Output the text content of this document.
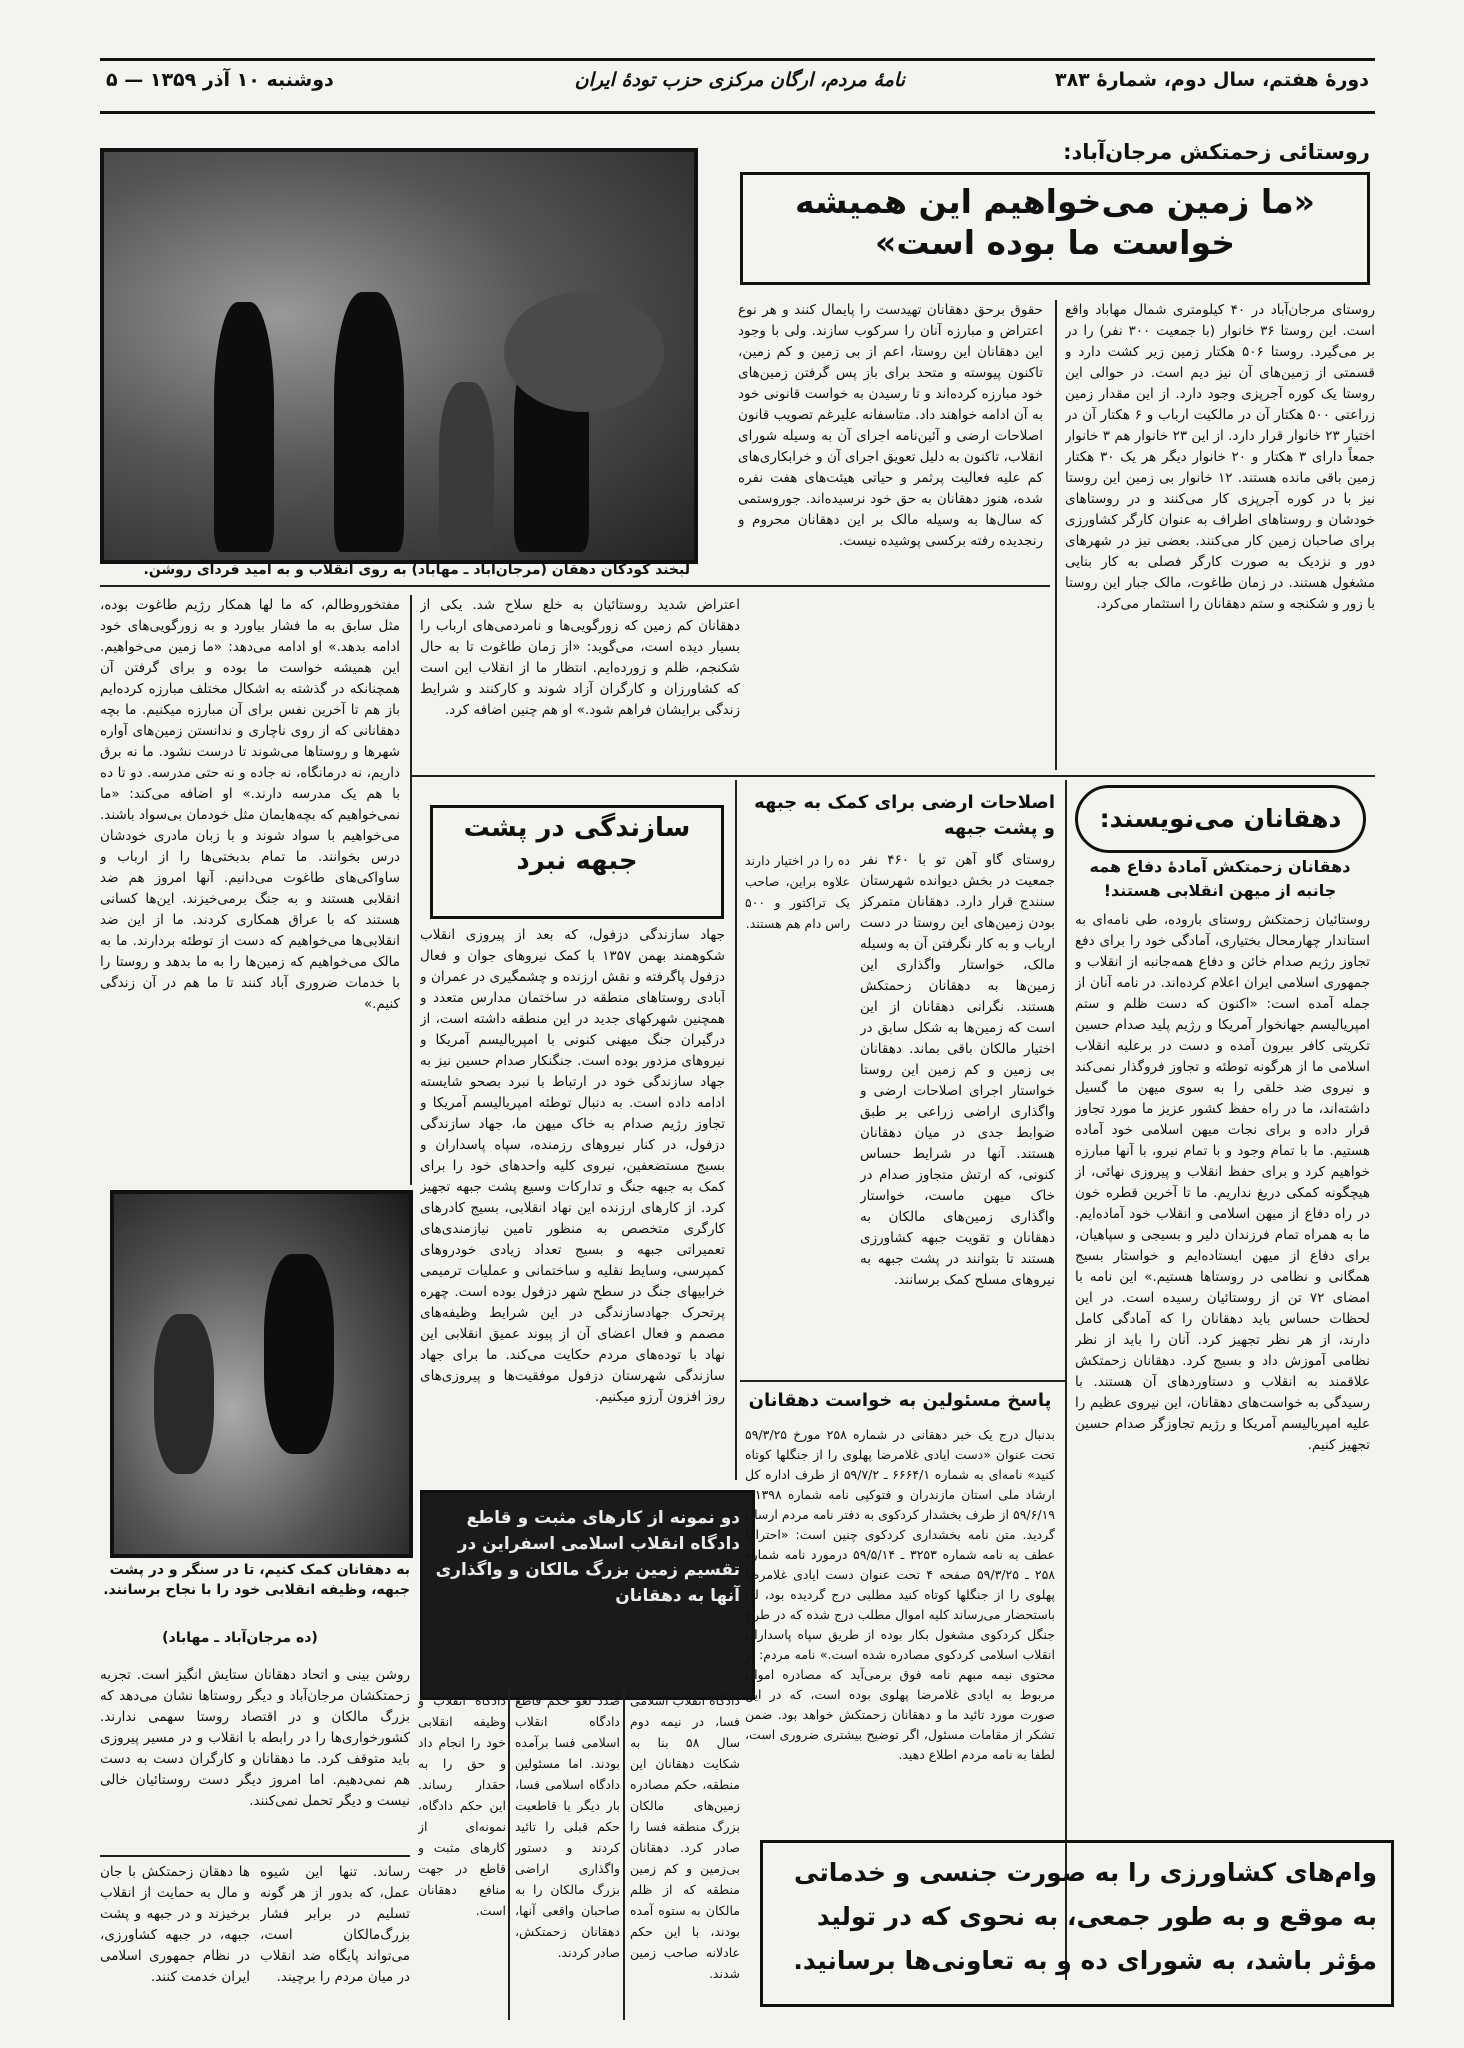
دورۀ هفتم، سال دوم، شمارۀ ۳۸۳
نامۀ مردم، ارگان مرکزی حزب تودۀ ایران
دوشنبه ۱۰ آذر ۱۳۵۹ — ۵
لبخند کودکان دهقان (مرجان‌آباد ـ مهاباد) به روی انقلاب و به امید فردای روشن.
روستائی زحمتکش مرجان‌آباد:
«ما زمین می‌خواهیم این همیشه خواست ما بوده است»
روستای مرجان‌آباد در ۴۰ کیلومتری شمال مهاباد واقع است. این روستا ۳۶ خانوار (با جمعیت ۳۰۰ نفر) را در بر می‌گیرد. روستا ۵۰۶ هکتار زمین زیر کشت دارد و قسمتی از زمین‌های آن نیز دیم است. در حوالی این روستا یک کوره آجرپزی وجود دارد. از این مقدار زمین زراعتی ۵۰۰ هکتار آن در مالکیت ارباب و ۶ هکتار آن در اختیار ۲۳ خانوار قرار دارد. از این ۲۳ خانوار هم ۳ خانوار جمعاً دارای ۳ هکتار و ۲۰ خانوار دیگر هر یک ۳۰ هکتار زمین باقی مانده هستند. ۱۲ خانوار بی زمین این روستا نیز با در کوره آجرپزی کار می‌کنند و در روستاهای خودشان و روستاهای اطراف به عنوان کارگر کشاورزی برای صاحبان زمین کار می‌کنند. بعضی نیز در شهرهای دور و نزدیک به صورت کارگر فصلی به کار بنایی مشغول هستند. در زمان طاغوت، مالک جبار این روستا با زور و شکنجه و ستم دهقانان را استثمار می‌کرد.
حقوق برحق دهقانان تهیدست را پایمال کنند و هر نوع اعتراض و مبارزه آنان را سرکوب سازند. ولی با وجود این دهقانان این روستا، اعم از بی زمین و کم زمین، تاکنون پیوسته و متحد برای باز پس گرفتن زمین‌های خود مبارزه کرده‌اند و تا رسیدن به خواست قانونی خود به آن ادامه خواهند داد. متاسفانه علیرغم تصویب قانون اصلاحات ارضی و آئین‌نامه اجرای آن به وسیله شورای انقلاب، تاکنون به دلیل تعویق اجرای آن و خرابکاری‌های کم علیه فعالیت پرثمر و حیاتی هیئت‌های هفت نفره شده، هنوز دهقانان به حق خود نرسیده‌اند. جوروستمی که سال‌ها به وسیله مالک بر این دهقانان محروم و رنجدیده رفته برکسی پوشیده نیست.
اعتراض شدید روستائیان به خلع سلاح شد. یکی از دهقانان کم زمین که زورگویی‌ها و نامردمی‌های ارباب را بسیار دیده است، می‌گوید: «از زمان طاغوت تا به حال شکنجم، ظلم و زورده‌ایم. انتظار ما از انقلاب این است که کشاورزان و کارگران آزاد شوند و کارکنند و شرایط زندگی برایشان فراهم شود.» او هم چنین اضافه کرد.
مفتخوروطالم، که ما لها همکار رژیم طاغوت بوده، مثل سابق به ما فشار بیاورد و به زورگویی‌های خود ادامه بدهد.» او ادامه می‌دهد: «ما زمین می‌خواهیم. این همیشه خواست ما بوده و برای گرفتن آن همچنانکه در گذشته به اشکال مختلف مبارزه کرده‌ایم باز هم تا آخرین نفس برای آن مبارزه میکنیم. ما بچه دهقانانی که از روی ناچاری و ندانستن زمین‌های آواره شهرها و روستاها می‌شوند تا درست نشود. ما نه برق داریم، نه درمانگاه، نه جاده و نه حتی مدرسه. دو تا ده با هم یک مدرسه دارند.» او اضافه می‌کند: «ما نمی‌خواهیم که بچه‌هایمان مثل خودمان بی‌سواد باشند. می‌خواهیم با سواد شوند و با زبان مادری خودشان درس بخوانند. ما تمام بدبختی‌ها را از ارباب و ساواکی‌های طاغوت می‌دانیم. آنها امروز هم ضد انقلابی هستند و به جنگ برمی‌خیزند. این‌ها کسانی هستند که با عراق همکاری کردند. ما از این ضد انقلابی‌ها می‌خواهیم که دست از توطئه بردارند. ما به مالک می‌خواهیم که زمین‌ها را به ما بدهد و روستا را با خدمات ضروری آباد کنند تا ما هم در آن زندگی کنیم.»
به دهقانان کمک کنیم، تا در سنگر و در پشت جبهه، وظیفه انقلابی خود را با نجاح برسانند.
(ده مرجان‌آباد ـ مهاباد)
روشن بینی و اتحاد دهقانان ستایش انگیز است. تجربه زحمتکشان مرجان‌آباد و دیگر روستاها نشان می‌دهد که بزرگ مالکان و در اقتصاد روستا سهمی ندارند. کشورخواری‌ها را در رابطه با انقلاب و در مسیر پیروزی باید متوقف کرد. ما دهقانان و کارگران دست به دست هم نمی‌دهیم. اما امروز دیگر دست روستائیان خالی نیست و دیگر تحمل نمی‌کنند.
رساند. تنها این شیوه عمل، که بدور از هر گونه تسلیم در برابر فشار بزرگ‌مالکان است، می‌تواند پایگاه ضد انقلاب در میان مردم را برچیند.
ها دهقان زحمتکش با جان و مال به حمایت از انقلاب برخیزند و در جبهه و پشت جبهه، در جبهه کشاورزی، در نظام جمهوری اسلامی ایران خدمت کنند.
سازندگی در پشت جبهه نبرد
جهاد سازندگی دزفول، که بعد از پیروزی انقلاب شکوهمند بهمن ۱۳۵۷ با کمک نیروهای جوان و فعال دزفول پاگرفته و نقش ارزنده و چشمگیری در عمران و آبادی روستاهای منطقه در ساختمان مدارس متعدد و همچنین شهرکهای جدید در این منطقه داشته است، از درگیران جنگ میهنی کنونی با امپریالیسم آمریکا و نیروهای مزدور بوده است. جنگنکار صدام حسین نیز به جهاد سازندگی خود در ارتباط با نبرد بصحو شایسته ادامه داده است. به دنبال توطئه امپریالیسم آمریکا و تجاوز رژیم صدام به خاک میهن ما، جهاد سازندگی دزفول، در کنار نیروهای رزمنده، سپاه پاسداران و بسیج مستضعفین، نیروی کلیه واحدهای خود را برای کمک به جبهه جنگ و تدارکات وسیع پشت جبهه تجهیز کرد. از کارهای ارزنده این نهاد انقلابی، بسیج کادرهای کارگری متخصص به منظور تامین نیازمندی‌های تعمیراتی جبهه و بسیج تعداد زیادی خودروهای کمپرسی، وسایط نقلیه و ساختمانی و عملیات ترمیمی خرابیهای جنگ در سطح شهر دزفول بوده است. چهره پرتحرک جهادسازندگی در این شرایط وظیفه‌های مصمم و فعال اعضای آن از پیوند عمیق انقلابی این نهاد با توده‌های مردم حکایت می‌کند. ما برای جهاد سازندگی شهرستان دزفول موفقیت‌ها و پیروزی‌های روز افزون آرزو میکنیم.
دو نمونه از کارهای مثبت و قاطع دادگاه انقلاب اسلامی اسفراین در تقسیم زمین بزرگ مالکان و واگذاری آنها به دهقانان
دادگاه انقلاب اسلامی فسا، در نیمه دوم سال ۵۸ بنا به شکایت دهقانان این منطقه، حکم مصادره زمین‌های مالکان بزرگ منطقه فسا را صادر کرد. دهقانان بی‌زمین و کم زمین منطقه که از ظلم مالکان به ستوه آمده بودند، با این حکم عادلانه صاحب زمین شدند.
صدد لغو حکم قاطع دادگاه انقلاب اسلامی فسا برآمده بودند. اما مسئولین دادگاه اسلامی فسا، بار دیگر با قاطعیت حکم قبلی را تائید کردند و دستور واگذاری اراضی بزرگ مالکان را به صاحبان واقعی آنها، دهقانان زحمتکش، صادر کردند.
دادگاه انقلاب و وظیفه انقلابی خود را انجام داد و حق را به حقدار رساند. این حکم دادگاه، نمونه‌ای از کارهای مثبت و قاطع در جهت منافع دهقانان است.
اصلاحات ارضی برای کمک به جبهه و پشت جبهه
ده را در اختیار دارند علاوه براین، صاحب یک تراکتور و ۵۰۰ راس دام هم هستند.
روستای گاو آهن تو با ۴۶۰ نفر جمعیت در بخش دیوانده شهرستان سنندج قرار دارد. دهقانان متمرکز بودن زمین‌های این روستا در دست ارباب و به کار نگرفتن آن به وسیله مالک، خواستار واگذاری این زمین‌ها به دهقانان زحمتکش هستند. نگرانی دهقانان از این است که زمین‌ها به شکل سابق در اختیار مالکان باقی بماند. دهقانان بی زمین و کم زمین این روستا خواستار اجرای اصلاحات ارضی و واگذاری اراضی زراعی بر طبق ضوابط جدی در میان دهقانان هستند. آنها در شرایط حساس کنونی، که ارتش متجاوز صدام در خاک میهن ماست، خواستار واگذاری زمین‌های مالکان به دهقانان و تقویت جبهه کشاورزی هستند تا بتوانند در پشت جبهه به نیروهای مسلح کمک برسانند.
پاسخ مسئولین به خواست دهقانان
بدنبال درج یک خبر دهقانی در شماره ۲۵۸ مورخ ۵۹/۳/۲۵ تحت عنوان «دست ایادی غلامرضا پهلوی را از جنگلها کوتاه کنید» نامه‌ای به شماره ۶۶۶۴/۱ ـ ۵۹/۷/۲ از طرف اداره کل ارشاد ملی استان مازندران و فتوکپی نامه شماره ۱۳۹۸ ـ ۵۹/۶/۱۹ از طرف بخشدار کردکوی به دفتر نامه مردم ارسال گردید. متن نامه بخشداری کردکوی چنین است: «احتراما عطف به نامه شماره ۳۲۵۳ ـ ۵۹/۵/۱۴ درمورد نامه شماره ۲۵۸ ـ ۵۹/۳/۲۵ صفحه ۴ تحت عنوان دست ایادی غلامرضا پهلوی را از جنگلها کوتاه کنید مطلبی درج گردیده بود، لذا باستحضار می‌رساند کلیه اموال مطلب درج شده که در طرح جنگل کردکوی مشغول بکار بوده از طریق سپاه پاسداران انقلاب اسلامی کردکوی مصادره شده است.» نامه مردم: از محتوی نیمه مبهم نامه فوق برمی‌آید که مصادره اموال مربوط به ایادی غلامرضا پهلوی بوده است، که در این صورت مورد تائید ما و دهقانان زحمتکش خواهد بود. ضمن تشکر از مقامات مسئول، اگر توضیح بیشتری ضروری است، لطفا به نامه مردم اطلاع دهید.
دهقانان می‌نویسند:
دهقانان زحمتکش آمادهٔ دفاع همه جانبه از میهن انقلابی هستند!
روستائیان زحمتکش روستای باروده، طی نامه‌ای به استاندار چهارمحال بختیاری، آمادگی خود را برای دفع تجاوز رژیم صدام خائن و دفاع همه‌جانبه از انقلاب و جمهوری اسلامی ایران اعلام کرده‌اند. در نامه آنان از جمله آمده است: «اکنون که دست ظلم و ستم امپریالیسم جهانخوار آمریکا و رژیم پلید صدام حسین تکریتی کافر بیرون آمده و دست در برعلیه انقلاب اسلامی ما از هرگونه توطئه و تجاوز فروگذار نمی‌کند و نیروی ضد خلقی را به سوی میهن ما گسیل داشته‌اند، ما در راه حفظ کشور عزیز ما مورد تجاوز قرار داده و برای نجات میهن اسلامی خود آماده هستیم. ما با تمام وجود و با تمام نیرو، با آنها مبارزه خواهیم کرد و برای حفظ انقلاب و پیروزی نهائی، از هیچگونه کمکی دریغ نداریم. ما تا آخرین قطره خون در راه دفاع از میهن اسلامی و انقلاب خود آماده‌ایم. ما به همراه تمام فرزندان دلیر و بسیجی و سپاهیان، برای دفاع از میهن ایستاده‌ایم و خواستار بسیج همگانی و نظامی در روستاها هستیم.» این نامه با امضای ۷۲ تن از روستائیان رسیده است. در این لحظات حساس باید دهقانان را که آمادگی کامل دارند، از هر نظر تجهیز کرد. آنان را باید از نظر نظامی آموزش داد و بسیج کرد. دهقانان زحمتکش علاقمند به انقلاب و دستاوردهای آن هستند. با رسیدگی به خواست‌های دهقانان، این نیروی عظیم را علیه امپریالیسم آمریکا و رژیم تجاوزگر صدام حسین تجهیز کنیم.
وام‌های کشاورزی را به صورت جنسی و خدماتی به موقع و به طور جمعی، به نحوی که در تولید مؤثر باشد، به شورای ده و به تعاونی‌ها برسانید.
